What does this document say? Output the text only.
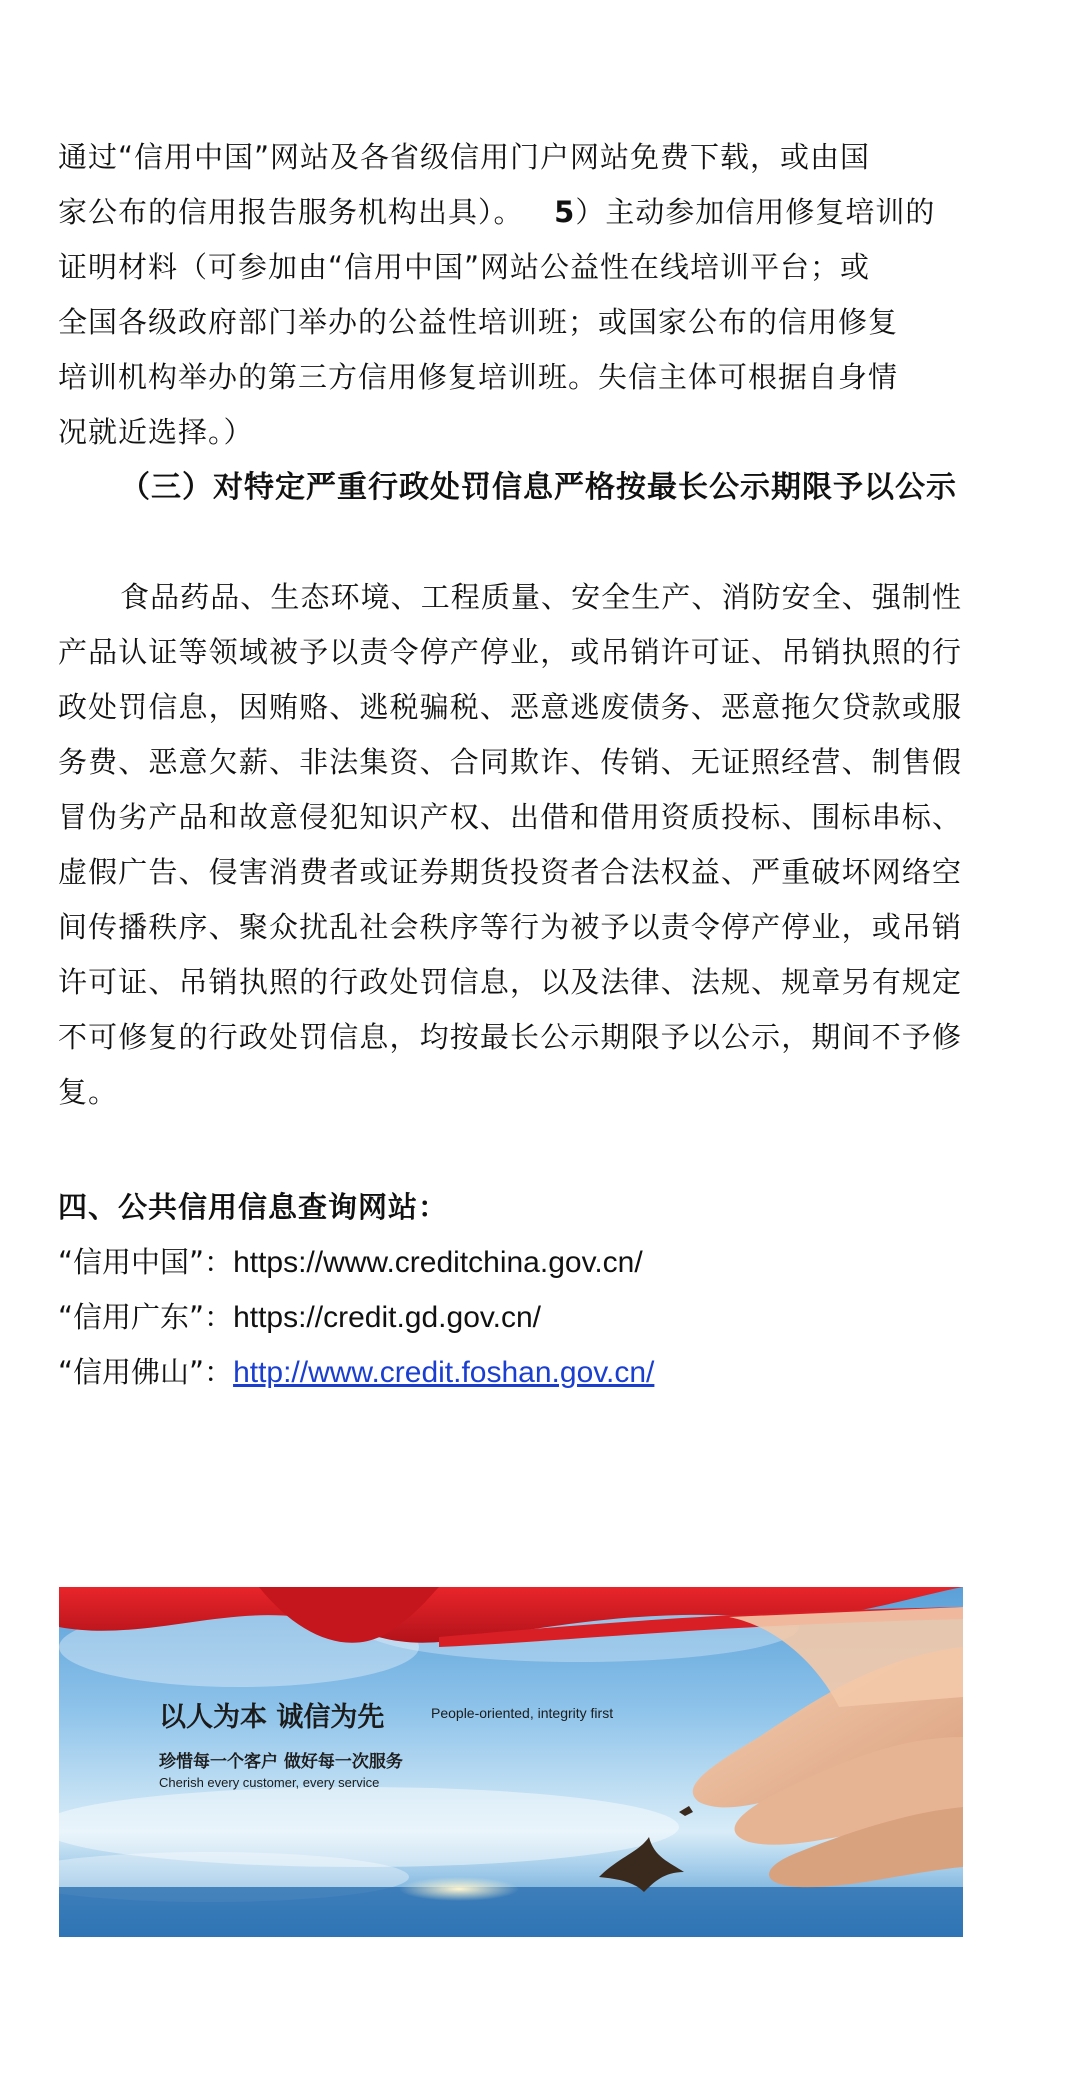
通过“信用中国”网站及各省级信用门户网站免费下载，或由国

家公布的信用报告服务机构出具）。 5）主动参加信用修复培训的

证明材料（可参加由“信用中国”网站公益性在线培训平台；或

全国各级政府部门举办的公益性培训班；或国家公布的信用修复

培训机构举办的第三方信用修复培训班。失信主体可根据自身情

况就近选择。）

（三）对特定严重行政处罚信息严格按最长公示期限予以公示

食品药品、生态环境、工程质量、安全生产、消防安全、强制性产品认证等领域被予以责令停产停业，或吊销许可证、吊销执照的行政处罚信息，因贿赂、逃税骗税、恶意逃废债务、恶意拖欠贷款或服务费、恶意欠薪、非法集资、合同欺诈、传销、无证照经营、制售假冒伪劣产品和故意侵犯知识产权、出借和借用资质投标、围标串标、虚假广告、侵害消费者或证券期货投资者合法权益、严重破坏网络空间传播秩序、聚众扰乱社会秩序等行为被予以责令停产停业，或吊销许可证、吊销执照的行政处罚信息，以及法律、法规、规章另有规定不可修复的行政处罚信息，均按最长公示期限予以公示，期间不予修复。

四、公共信用信息查询网站：

“信用中国”：https://www.creditchina.gov.cn/

“信用广东”：https://credit.gd.gov.cn/

“信用佛山”：http://www.credit.foshan.gov.cn/

以人为本 诚信为先	People-oriented, integrity first
珍惜每一个客户 做好每一次服务
Cherish every customer, every service
